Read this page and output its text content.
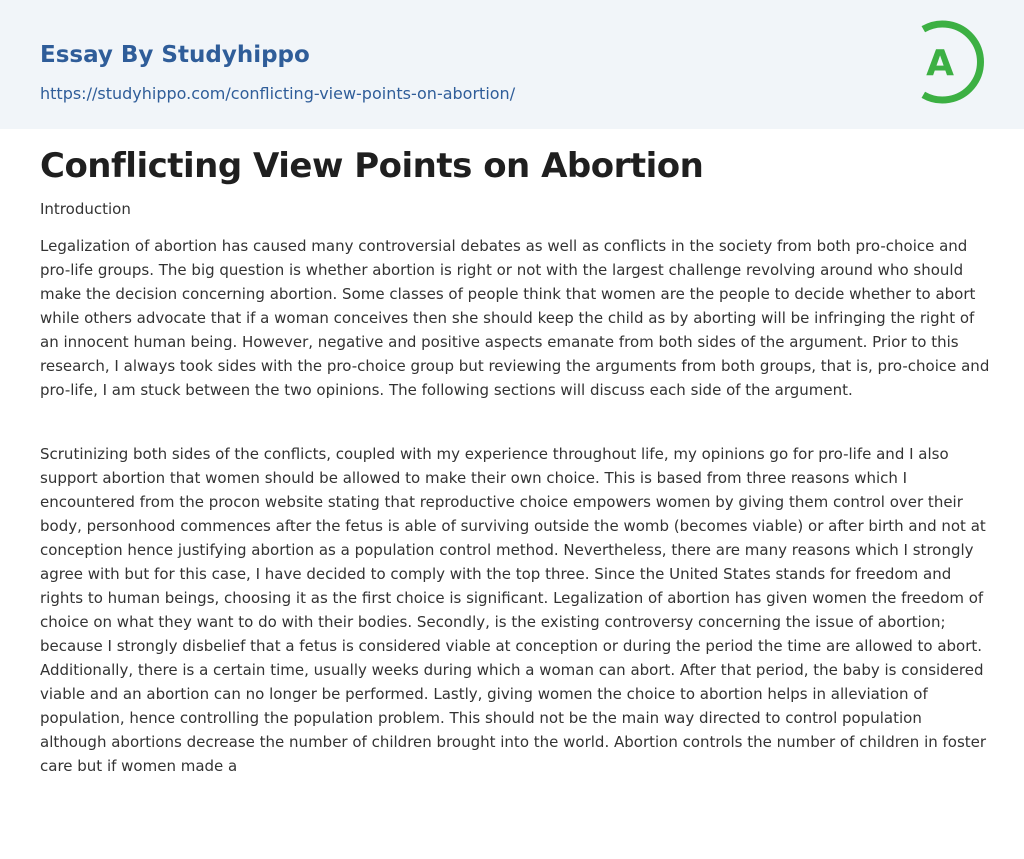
Essay By Studyhippo
https://studyhippo.com/conflicting-view-points-on-abortion/
A
Conflicting View Points on Abortion
Introduction

Legalization of abortion has caused many controversial debates as well as conflicts in the society from both pro-choice and pro-life groups. The big question is whether abortion is right or not with the largest challenge revolving around who should make the decision concerning abortion. Some classes of people think that women are the people to decide whether to abort while others advocate that if a woman conceives then she should keep the child as by aborting will be infringing the right of an innocent human being. However, negative and positive aspects emanate from both sides of the argument. Prior to this research, I always took sides with the pro-choice group but reviewing the arguments from both groups, that is, pro-choice and pro-life, I am stuck between the two opinions. The following sections will discuss each side of the argument.

Scrutinizing both sides of the conflicts, coupled with my experience throughout life, my opinions go for pro-life and I also support abortion that women should be allowed to make their own choice. This is based from three reasons which I encountered from the procon website stating that reproductive choice empowers women by giving them control over their body, personhood commences after the fetus is able of surviving outside the womb (becomes viable) or after birth and not at conception hence justifying abortion as a population control method. Nevertheless, there are many reasons which I strongly agree with but for this case, I have decided to comply with the top three. Since the United States stands for freedom and rights to human beings, choosing it as the first choice is significant. Legalization of abortion has given women the freedom of choice on what they want to do with their bodies. Secondly, is the existing controversy concerning the issue of abortion; because I strongly disbelief that a fetus is considered viable at conception or during the period the time are allowed to abort. Additionally, there is a certain time, usually weeks during which a woman can abort. After that period, the baby is considered viable and an abortion can no longer be performed. Lastly, giving women the choice to abortion helps in alleviation of population, hence controlling the population problem. This should not be the main way directed to control population although abortions decrease the number of children brought into the world. Abortion controls the number of children in foster care but if women made a
